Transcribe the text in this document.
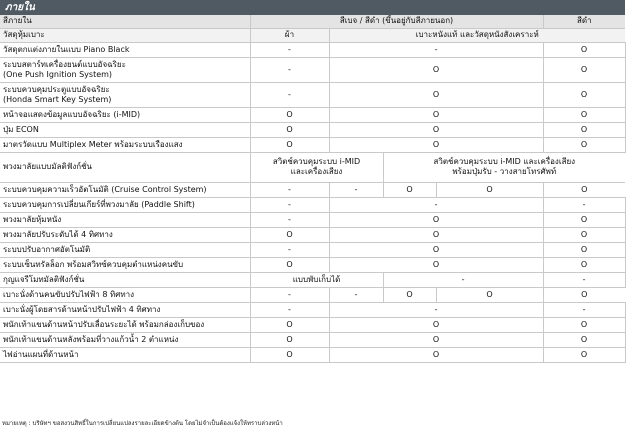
ภายใน
สีภายใน	สีเบจ / สีดำ (ขึ้นอยู่กับสีภายนอก)				สีดำ	
วัสดุหุ้มเบาะ	ผ้า	เบาะหนังแท้ และวัสดุหนังสังเคราะห์				
วัสดุตกแต่งภายในแบบ Piano Black	-	-			O	
ระบบสตาร์ทเครื่องยนต์แบบอัจฉริยะ
(One Push Ignition System)	-	O			O	
ระบบควบคุมประตูแบบอัจฉริยะ
(Honda Smart Key System)	-	O			O	
หน้าจอแสดงข้อมูลแบบอัจฉริยะ (i-MID)	O	O			O	
ปุ่ม ECON	O	O			O	
มาตรวัดแบบ Multiplex Meter พร้อมระบบเรืองแสง	O	O			O	
พวงมาลัยแบบมัลติฟังก์ชั่น	สวิตช์ควบคุมระบบ i-MID
และเครื่องเสียง		สวิตช์ควบคุมระบบ i-MID และเครื่องเสียง
พร้อมปุ่มรับ - วางสายโทรศัพท์			
ระบบควบคุมความเร็วอัตโนมัติ (Cruise Control System)	-	-	O	O	O	
ระบบควบคุมการเปลี่ยนเกียร์ที่พวงมาลัย (Paddle Shift)	-	-			-	
พวงมาลัยหุ้มหนัง	-	O			O	
พวงมาลัยปรับระดับได้ 4 ทิศทาง	O	O			O	
ระบบปรับอากาศอัตโนมัติ	-	O			O	
ระบบเซ็นทรัลล็อก พร้อมสวิทซ์ควบคุมตำแหน่งคนขับ	O	O			O	
กุญแจรีโมทมัลติฟังก์ชั่น	แบบพับเก็บได้		-		-	
เบาะนั่งด้านคนขับปรับไฟฟ้า 8 ทิศทาง	-	-	O	O	O	
เบาะนั่งผู้โดยสารด้านหน้าปรับไฟฟ้า 4 ทิศทาง	-	-			-	
พนักเท้าแขนด้านหน้าปรับเลื่อนระยะได้ พร้อมกล่องเก็บของ	O	O			O	
พนักเท้าแขนด้านหลังพร้อมที่วางแก้วน้ำ 2 ตำแหน่ง	O	O			O	
ไฟอ่านแผนที่ด้านหน้า	O	O			O	
หมายเหตุ : บริษัทฯ ขอสงวนสิทธิ์ในการเปลี่ยนแปลงรายละเอียดข้างต้น โดยไม่จำเป็นต้องแจ้งให้ทราบล่วงหน้า
